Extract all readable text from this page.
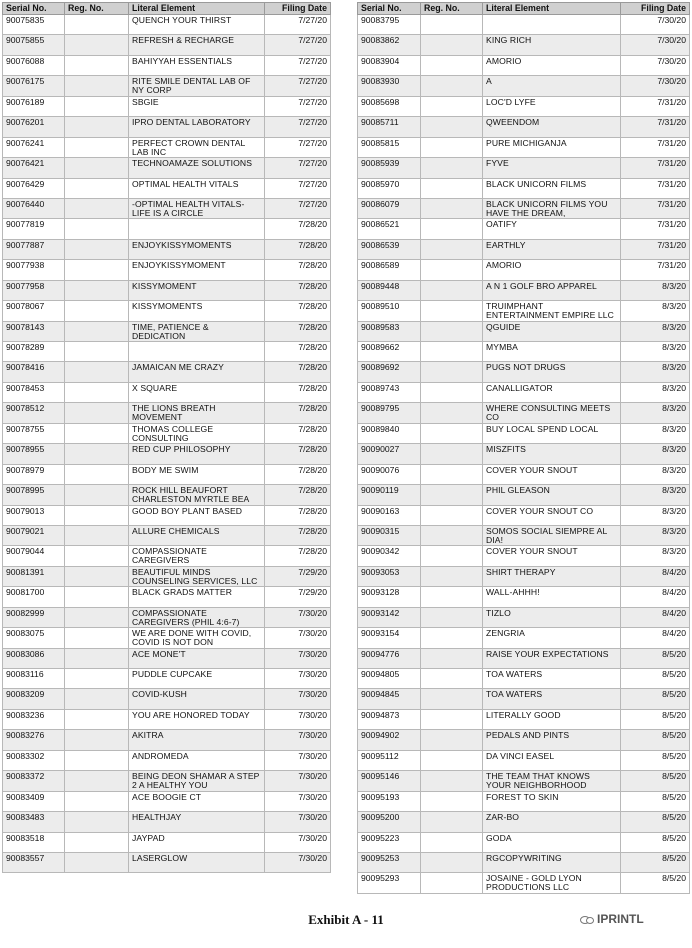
Serial No.	Reg. No.	Literal Element	Filing Date
90075835		QUENCH YOUR THIRST	7/27/20
90075855		REFRESH & RECHARGE	7/27/20
90076088		BAHIYYAH ESSENTIALS	7/27/20
90076175		RITE SMILE DENTAL LAB OF NY CORP	7/27/20
90076189		SBGIE	7/27/20
90076201		IPRO DENTAL LABORATORY	7/27/20
90076241		PERFECT CROWN DENTAL LAB INC	7/27/20
90076421		TECHNOAMAZE SOLUTIONS	7/27/20
90076429		OPTIMAL HEALTH VITALS	7/27/20
90076440		-OPTIMAL HEALTH VITALS-LIFE IS A CIRCLE	7/27/20
90077819			7/28/20
90077887		ENJOYKISSYMOMENTS	7/28/20
90077938		ENJOYKISSYMOMENT	7/28/20
90077958		KISSYMOMENT	7/28/20
90078067		KISSYMOMENTS	7/28/20
90078143		TIME, PATIENCE & DEDICATION	7/28/20
90078289			7/28/20
90078416		JAMAICAN ME CRAZY	7/28/20
90078453		X SQUARE	7/28/20
90078512		THE LIONS BREATH MOVEMENT	7/28/20
90078755		THOMAS COLLEGE CONSULTING	7/28/20
90078955		RED CUP PHILOSOPHY	7/28/20
90078979		BODY ME SWIM	7/28/20
90078995		ROCK HILL BEAUFORT CHARLESTON MYRTLE BEA	7/28/20
90079013		GOOD BOY PLANT BASED	7/28/20
90079021		ALLURE CHEMICALS	7/28/20
90079044		COMPASSIONATE CAREGIVERS	7/28/20
90081391		BEAUTIFUL MINDS COUNSELING SERVICES, LLC	7/29/20
90081700		BLACK GRADS MATTER	7/29/20
90082999		COMPASSIONATE CAREGIVERS (PHIL 4:6-7)	7/30/20
90083075		WE ARE DONE WITH COVID, COVID IS NOT DON	7/30/20
90083086		ACE MONE'T	7/30/20
90083116		PUDDLE CUPCAKE	7/30/20
90083209		COVID-KUSH	7/30/20
90083236		YOU ARE HONORED TODAY	7/30/20
90083276		AKITRA	7/30/20
90083302		ANDROMEDA	7/30/20
90083372		BEING DEON SHAMAR A STEP 2 A HEALTHY YOU	7/30/20
90083409		ACE BOOGIE CT	7/30/20
90083483		HEALTHJAY	7/30/20
90083518		JAYPAD	7/30/20
90083557		LASERGLOW	7/30/20
Serial No.	Reg. No.	Literal Element	Filing Date
90083795			7/30/20
90083862		KING RICH	7/30/20
90083904		AMORIO	7/30/20
90083930		A	7/30/20
90085698		LOC'D LYFE	7/31/20
90085711		QWEENDOM	7/31/20
90085815		PURE MICHIGANJA	7/31/20
90085939		FYVE	7/31/20
90085970		BLACK UNICORN FILMS	7/31/20
90086079		BLACK UNICORN FILMS YOU HAVE THE DREAM,	7/31/20
90086521		OATIFY	7/31/20
90086539		EARTHLY	7/31/20
90086589		AMORIO	7/31/20
90089448		A N 1 GOLF BRO APPAREL	8/3/20
90089510		TRUIMPHANT ENTERTAINMENT EMPIRE LLC	8/3/20
90089583		QGUIDE	8/3/20
90089662		MYMBA	8/3/20
90089692		PUGS NOT DRUGS	8/3/20
90089743		CANALLIGATOR	8/3/20
90089795		WHERE CONSULTING MEETS CO	8/3/20
90089840		BUY LOCAL SPEND LOCAL	8/3/20
90090027		MISZFITS	8/3/20
90090076		COVER YOUR SNOUT	8/3/20
90090119		PHIL GLEASON	8/3/20
90090163		COVER YOUR SNOUT CO	8/3/20
90090315		SOMOS SOCIAL SIEMPRE AL DIA!	8/3/20
90090342		COVER YOUR SNOUT	8/3/20
90093053		SHIRT THERAPY	8/4/20
90093128		WALL-AHHH!	8/4/20
90093142		TIZLO	8/4/20
90093154		ZENGRIA	8/4/20
90094776		RAISE YOUR EXPECTATIONS	8/5/20
90094805		TOA WATERS	8/5/20
90094845		TOA WATERS	8/5/20
90094873		LITERALLY GOOD	8/5/20
90094902		PEDALS AND PINTS	8/5/20
90095112		DA VINCI EASEL	8/5/20
90095146		THE TEAM THAT KNOWS YOUR NEIGHBORHOOD	8/5/20
90095193		FOREST TO SKIN	8/5/20
90095200		ZAR-BO	8/5/20
90095223		GODA	8/5/20
90095253		RGCOPYWRITING	8/5/20
90095293		JOSAINE - GOLD LYON PRODUCTIONS LLC	8/5/20
Exhibit A - 11	IPRINTL
